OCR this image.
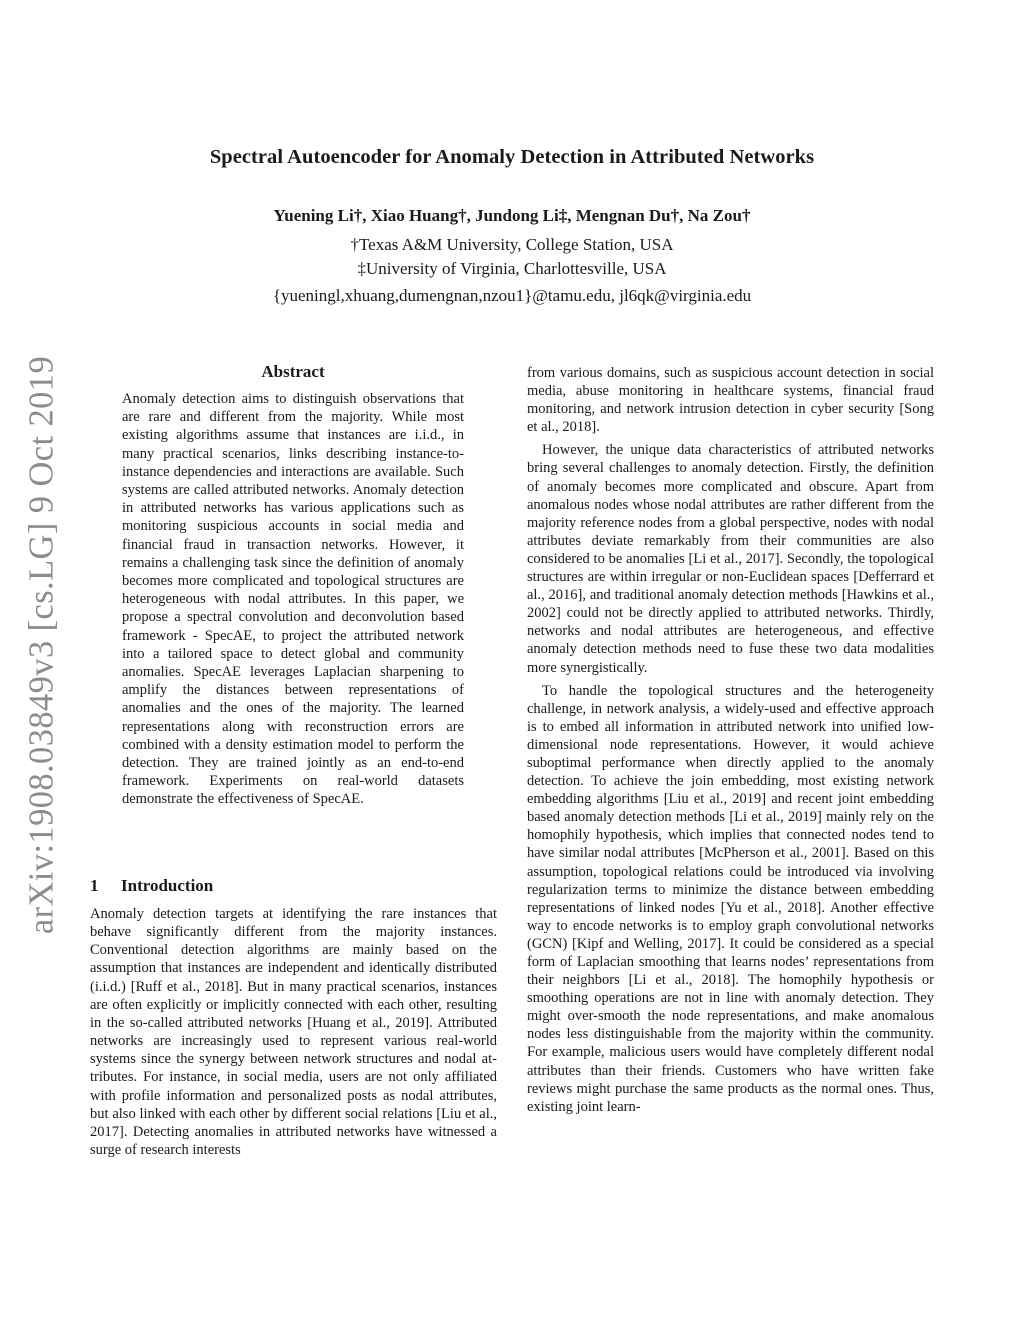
Spectral Autoencoder for Anomaly Detection in Attributed Networks
Yuening Li†, Xiao Huang†, Jundong Li‡, Mengnan Du†, Na Zou†
†Texas A&M University, College Station, USA
‡University of Virginia, Charlottesville, USA
{yueningl,xhuang,dumengnan,nzou1}@tamu.edu, jl6qk@virginia.edu
arXiv:1908.03849v3 [cs.LG] 9 Oct 2019	Abstract

Anomaly detection aims to distinguish observations that are rare and different from the majority. While most existing algorithms assume that instances are i.i.d., in many practical scenarios, links describing instance-to-instance dependencies and interactions are available. Such systems are called attributed networks. Anomaly detection in attributed networks has various applications such as monitoring suspicious accounts in social media and financial fraud in transaction networks. However, it remains a challenging task since the definition of anomaly becomes more complicated and topological structures are heterogeneous with nodal attributes. In this paper, we propose a spectral convolution and deconvolution based framework - SpecAE, to project the attributed network into a tailored space to detect global and community anomalies. SpecAE leverages Laplacian sharpening to amplify the distances between representations of anomalies and the ones of the majority. The learned representations along with reconstruction errors are combined with a density estimation model to perform the detection. They are trained jointly as an end-to-end framework. Experiments on real-world datasets demonstrate the effectiveness of SpecAE.

1 Introduction

Anomaly detection targets at identifying the rare instances that behave significantly different from the majority instances. Conventional detection algorithms are mainly based on the assumption that instances are independent and identically distributed (i.i.d.) [Ruff et al., 2018]. But in many practical scenarios, instances are often explicitly or implicitly connected with each other, resulting in the so-called attributed networks [Huang et al., 2019]. Attributed networks are increasingly used to represent various real-world systems since the synergy between network structures and nodal attributes. For instance, in social media, users are not only affiliated with profile information and personalized posts as nodal attributes, but also linked with each other by different social relations [Liu et al., 2017]. Detecting anomalies in attributed networks have witnessed a surge of research interests

from various domains, such as suspicious account detection in social media, abuse monitoring in healthcare systems, financial fraud monitoring, and network intrusion detection in cyber security [Song et al., 2018].

However, the unique data characteristics of attributed networks bring several challenges to anomaly detection. Firstly, the definition of anomaly becomes more complicated and obscure. Apart from anomalous nodes whose nodal attributes are rather different from the majority reference nodes from a global perspective, nodes with nodal attributes deviate remarkably from their communities are also considered to be anomalies [Li et al., 2017]. Secondly, the topological structures are within irregular or non-Euclidean spaces [Defferrard et al., 2016], and traditional anomaly detection methods [Hawkins et al., 2002] could not be directly applied to attributed networks. Thirdly, networks and nodal attributes are heterogeneous, and effective anomaly detection methods need to fuse these two data modalities more synergistically.

To handle the topological structures and the heterogeneity challenge, in network analysis, a widely-used and effective approach is to embed all information in attributed network into unified low-dimensional node representations. However, it would achieve suboptimal performance when directly applied to the anomaly detection. To achieve the join embedding, most existing network embedding algorithms [Liu et al., 2019] and recent joint embedding based anomaly detection methods [Li et al., 2019] mainly rely on the homophily hypothesis, which implies that connected nodes tend to have similar nodal attributes [McPherson et al., 2001]. Based on this assumption, topological relations could be introduced via involving regularization terms to minimize the distance between embedding representations of linked nodes [Yu et al., 2018]. Another effective way to encode networks is to employ graph convolutional networks (GCN) [Kipf and Welling, 2017]. It could be considered as a special form of Laplacian smoothing that learns nodes’ representations from their neighbors [Li et al., 2018]. The homophily hypothesis or smoothing operations are not in line with anomaly detection. They might over-smooth the node representations, and make anomalous nodes less distinguishable from the majority within the community. For example, malicious users would have completely different nodal attributes than their friends. Customers who have written fake reviews might purchase the same products as the normal ones. Thus, existing joint learn-
